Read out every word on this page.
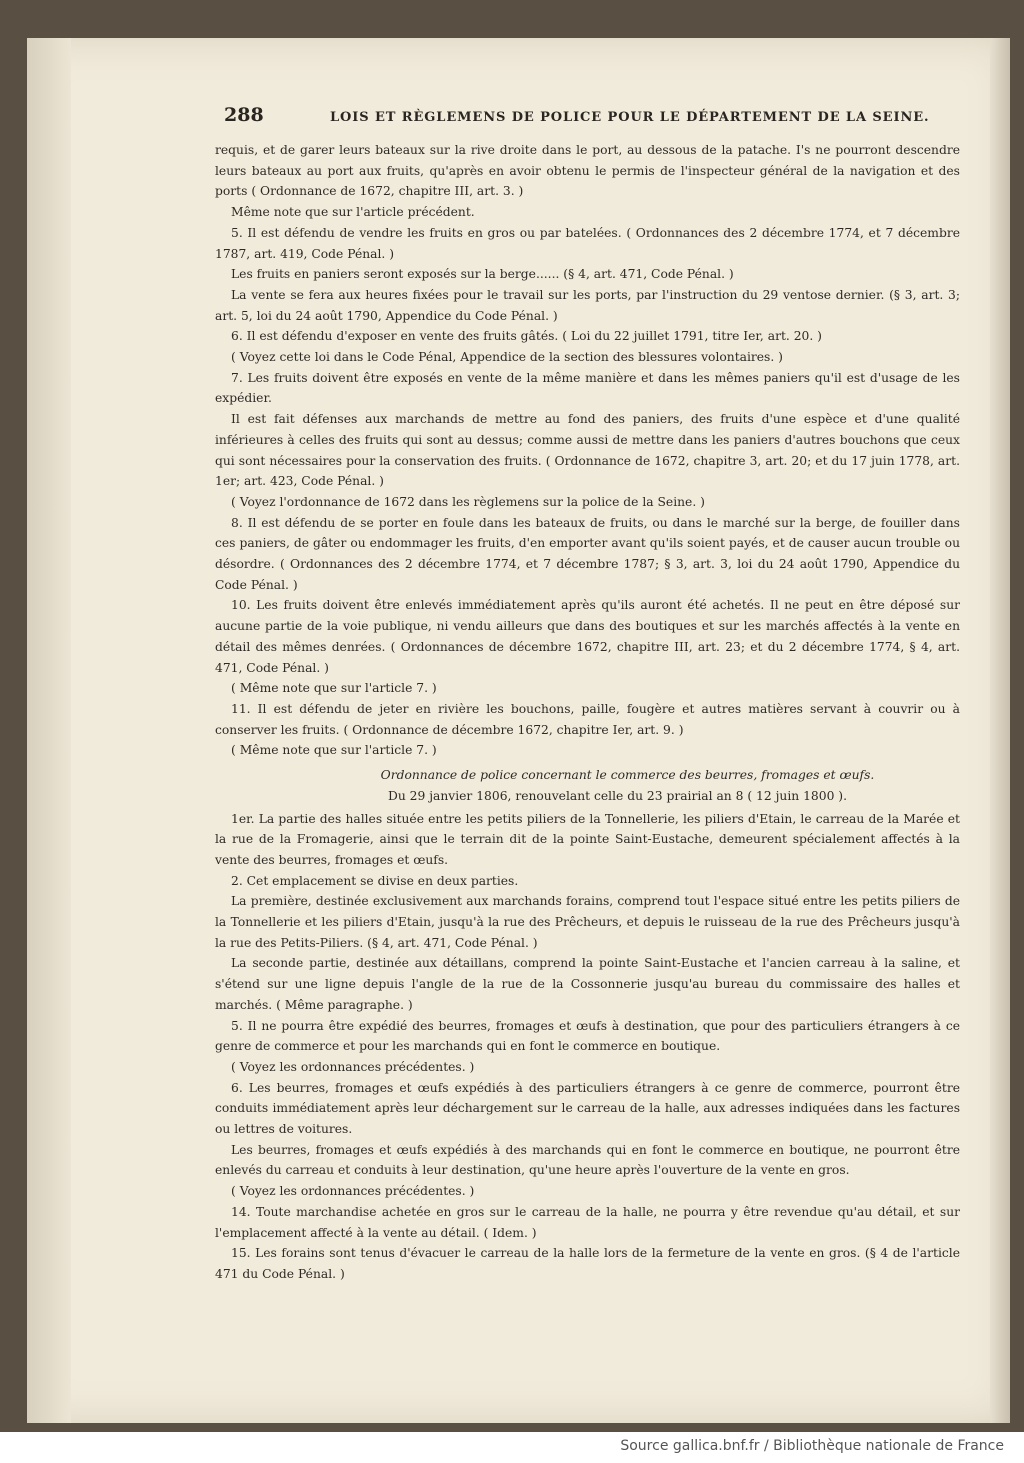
288	LOIS ET RÈGLEMENS DE POLICE POUR LE DÉPARTEMENT DE LA SEINE.

requis, et de garer leurs bateaux sur la rive droite dans le port, au dessous de la patache. I's ne pourront descendre leurs bateaux au port aux fruits, qu'après en avoir obtenu le permis de l'inspecteur général de la navigation et des ports ( Ordonnance de 1672, chapitre III, art. 3. )

Même note que sur l'article précédent.

5. Il est défendu de vendre les fruits en gros ou par batelées. ( Ordonnances des 2 décembre 1774, et 7 décembre 1787, art. 419, Code Pénal. )

Les fruits en paniers seront exposés sur la berge...... (§ 4, art. 471, Code Pénal. )

La vente se fera aux heures fixées pour le travail sur les ports, par l'instruction du 29 ventose dernier. (§ 3, art. 3; art. 5, loi du 24 août 1790, Appendice du Code Pénal. )

6. Il est défendu d'exposer en vente des fruits gâtés. ( Loi du 22 juillet 1791, titre Ier, art. 20. )

( Voyez cette loi dans le Code Pénal, Appendice de la section des blessures volontaires. )

7. Les fruits doivent être exposés en vente de la même manière et dans les mêmes paniers qu'il est d'usage de les expédier.

Il est fait défenses aux marchands de mettre au fond des paniers, des fruits d'une espèce et d'une qualité inférieures à celles des fruits qui sont au dessus; comme aussi de mettre dans les paniers d'autres bouchons que ceux qui sont nécessaires pour la conservation des fruits. ( Ordonnance de 1672, chapitre 3, art. 20; et du 17 juin 1778, art. 1er; art. 423, Code Pénal. )

( Voyez l'ordonnance de 1672 dans les règlemens sur la police de la Seine. )

8. Il est défendu de se porter en foule dans les bateaux de fruits, ou dans le marché sur la berge, de fouiller dans ces paniers, de gâter ou endommager les fruits, d'en emporter avant qu'ils soient payés, et de causer aucun trouble ou désordre. ( Ordonnances des 2 décembre 1774, et 7 décembre 1787; § 3, art. 3, loi du 24 août 1790, Appendice du Code Pénal. )

10. Les fruits doivent être enlevés immédiatement après qu'ils auront été achetés. Il ne peut en être déposé sur aucune partie de la voie publique, ni vendu ailleurs que dans des boutiques et sur les marchés affectés à la vente en détail des mêmes denrées. ( Ordonnances de décembre 1672, chapitre III, art. 23; et du 2 décembre 1774, § 4, art. 471, Code Pénal. )

( Même note que sur l'article 7. )

11. Il est défendu de jeter en rivière les bouchons, paille, fougère et autres matières servant à couvrir ou à conserver les fruits. ( Ordonnance de décembre 1672, chapitre Ier, art. 9. )

( Même note que sur l'article 7. )

Ordonnance de police concernant le commerce des beurres, fromages et œufs.

Du 29 janvier 1806, renouvelant celle du 23 prairial an 8 ( 12 juin 1800 ).

1er. La partie des halles située entre les petits piliers de la Tonnellerie, les piliers d'Etain, le carreau de la Marée et la rue de la Fromagerie, ainsi que le terrain dit de la pointe Saint-Eustache, demeurent spécialement affectés à la vente des beurres, fromages et œufs.

2. Cet emplacement se divise en deux parties.

La première, destinée exclusivement aux marchands forains, comprend tout l'espace situé entre les petits piliers de la Tonnellerie et les piliers d'Etain, jusqu'à la rue des Prêcheurs, et depuis le ruisseau de la rue des Prêcheurs jusqu'à la rue des Petits-Piliers. (§ 4, art. 471, Code Pénal. )

La seconde partie, destinée aux détaillans, comprend la pointe Saint-Eustache et l'ancien carreau à la saline, et s'étend sur une ligne depuis l'angle de la rue de la Cossonnerie jusqu'au bureau du commissaire des halles et marchés. ( Même paragraphe. )

5. Il ne pourra être expédié des beurres, fromages et œufs à destination, que pour des particuliers étrangers à ce genre de commerce et pour les marchands qui en font le commerce en boutique.

( Voyez les ordonnances précédentes. )

6. Les beurres, fromages et œufs expédiés à des particuliers étrangers à ce genre de commerce, pourront être conduits immédiatement après leur déchargement sur le carreau de la halle, aux adresses indiquées dans les factures ou lettres de voitures.

Les beurres, fromages et œufs expédiés à des marchands qui en font le commerce en boutique, ne pourront être enlevés du carreau et conduits à leur destination, qu'une heure après l'ouverture de la vente en gros.

( Voyez les ordonnances précédentes. )

14. Toute marchandise achetée en gros sur le carreau de la halle, ne pourra y être revendue qu'au détail, et sur l'emplacement affecté à la vente au détail. ( Idem. )

15. Les forains sont tenus d'évacuer le carreau de la halle lors de la fermeture de la vente en gros. (§ 4 de l'article 471 du Code Pénal. )

Source gallica.bnf.fr / Bibliothèque nationale de France
